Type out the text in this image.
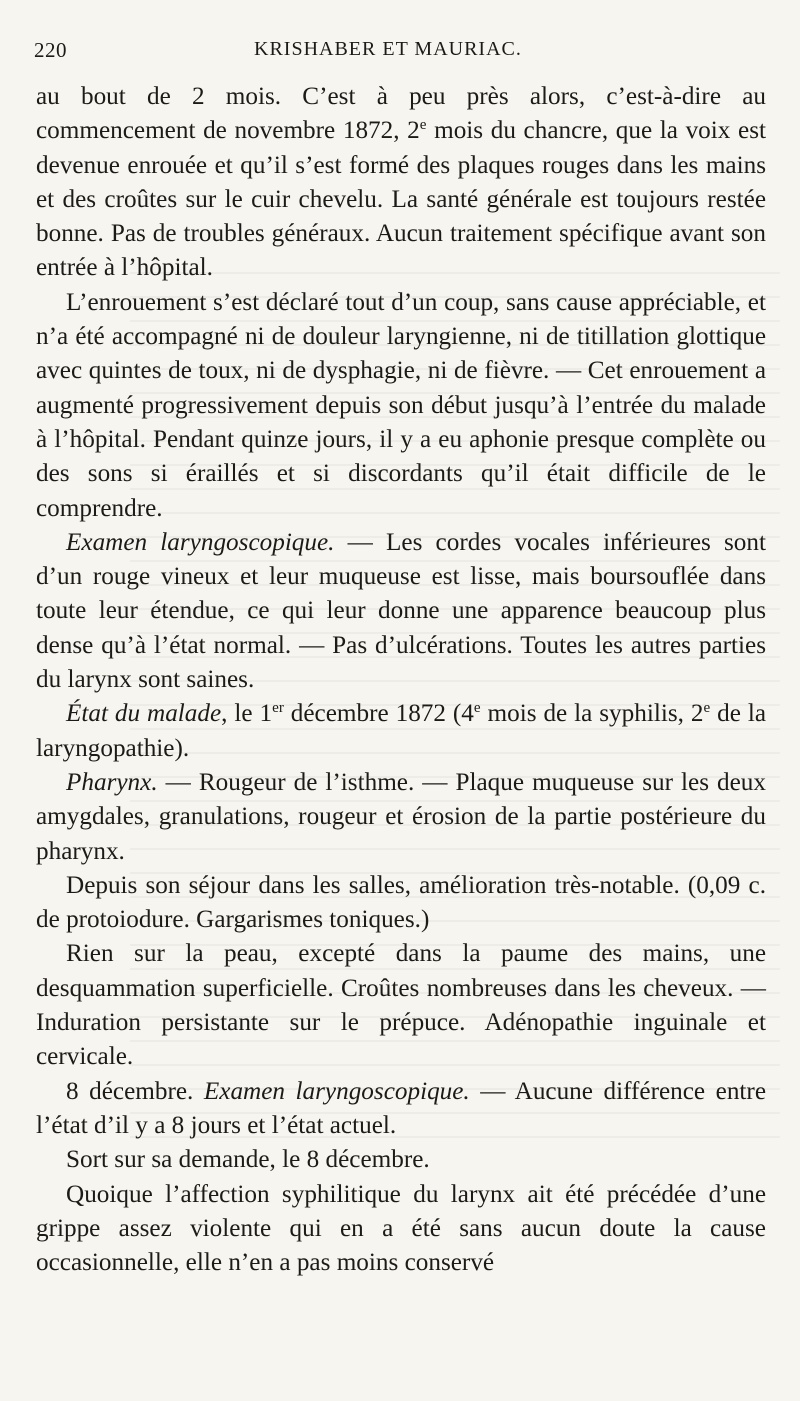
220	KRISHABER ET MAURIAC.

au bout de 2 mois. C’est à peu près alors, c’est-à-dire au commencement de novembre 1872, 2e mois du chancre, que la voix est devenue enrouée et qu’il s’est formé des plaques rouges dans les mains et des croûtes sur le cuir chevelu. La santé générale est toujours restée bonne. Pas de troubles généraux. Aucun traitement spécifique avant son entrée à l’hôpital.

L’enrouement s’est déclaré tout d’un coup, sans cause appréciable, et n’a été accompagné ni de douleur laryngienne, ni de titillation glottique avec quintes de toux, ni de dysphagie, ni de fièvre. — Cet enrouement a augmenté progressivement depuis son début jusqu’à l’entrée du malade à l’hôpital. Pendant quinze jours, il y a eu aphonie presque complète ou des sons si éraillés et si discordants qu’il était difficile de le comprendre.

Examen laryngoscopique. — Les cordes vocales inférieures sont d’un rouge vineux et leur muqueuse est lisse, mais boursouflée dans toute leur étendue, ce qui leur donne une apparence beaucoup plus dense qu’à l’état normal. — Pas d’ulcérations. Toutes les autres parties du larynx sont saines.

État du malade, le 1er décembre 1872 (4e mois de la syphilis, 2e de la laryngopathie).

Pharynx. — Rougeur de l’isthme. — Plaque muqueuse sur les deux amygdales, granulations, rougeur et érosion de la partie postérieure du pharynx.

Depuis son séjour dans les salles, amélioration très-notable. (0,09 c. de protoiodure. Gargarismes toniques.)

Rien sur la peau, excepté dans la paume des mains, une desquammation superficielle. Croûtes nombreuses dans les cheveux. — Induration persistante sur le prépuce. Adénopathie inguinale et cervicale.

8 décembre. Examen laryngoscopique. — Aucune différence entre l’état d’il y a 8 jours et l’état actuel.

Sort sur sa demande, le 8 décembre.

Quoique l’affection syphilitique du larynx ait été précédée d’une grippe assez violente qui en a été sans aucun doute la cause occasionnelle, elle n’en a pas moins conservé
